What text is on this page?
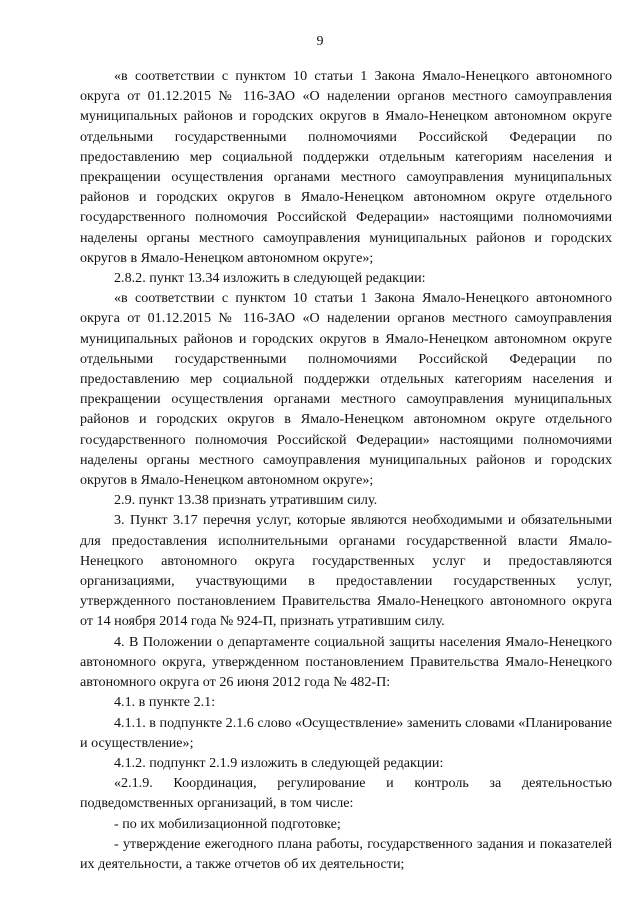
9

«в соответствии с пунктом 10 статьи 1 Закона Ямало-Ненецкого автономного округа от 01.12.2015 № 116-ЗАО «О наделении органов местного самоуправления муниципальных районов и городских округов в Ямало-Ненецком автономном округе отдельными государственными полномочиями Российской Федерации по предоставлению мер социальной поддержки отдельным категориям населения и прекращении осуществления органами местного самоуправления муниципальных районов и городских округов в Ямало-Ненецком автономном округе отдельного государственного полномочия Российской Федерации» настоящими полномочиями наделены органы местного самоуправления муниципальных районов и городских округов в Ямало-Ненецком автономном округе»;

2.8.2. пункт 13.34 изложить в следующей редакции:

«в соответствии с пунктом 10 статьи 1 Закона Ямало-Ненецкого автономного округа от 01.12.2015 № 116-ЗАО «О наделении органов местного самоуправления муниципальных районов и городских округов в Ямало-Ненецком автономном округе отдельными государственными полномочиями Российской Федерации по предоставлению мер социальной поддержки отдельных категориям населения и прекращении осуществления органами местного самоуправления муниципальных районов и городских округов в Ямало-Ненецком автономном округе отдельного государственного полномочия Российской Федерации» настоящими полномочиями наделены органы местного самоуправления муниципальных районов и городских округов в Ямало-Ненецком автономном округе»;

2.9. пункт 13.38 признать утратившим силу.

3. Пункт 3.17 перечня услуг, которые являются необходимыми и обязательными для предоставления исполнительными органами государственной власти Ямало-Ненецкого автономного округа государственных услуг и предоставляются организациями, участвующими в предоставлении государственных услуг, утвержденного постановлением Правительства Ямало-Ненецкого автономного округа от 14 ноября 2014 года № 924-П, признать утратившим силу.

4. В Положении о департаменте социальной защиты населения Ямало-Ненецкого автономного округа, утвержденном постановлением Правительства Ямало-Ненецкого автономного округа от 26 июня 2012 года № 482-П:

4.1. в пункте 2.1:

4.1.1. в подпункте 2.1.6 слово «Осуществление» заменить словами «Планирование и осуществление»;

4.1.2. подпункт 2.1.9 изложить в следующей редакции:

«2.1.9. Координация, регулирование и контроль за деятельностью подведомственных организаций, в том числе:

- по их мобилизационной подготовке;

- утверждение ежегодного плана работы, государственного задания и показателей их деятельности, а также отчетов об их деятельности;
